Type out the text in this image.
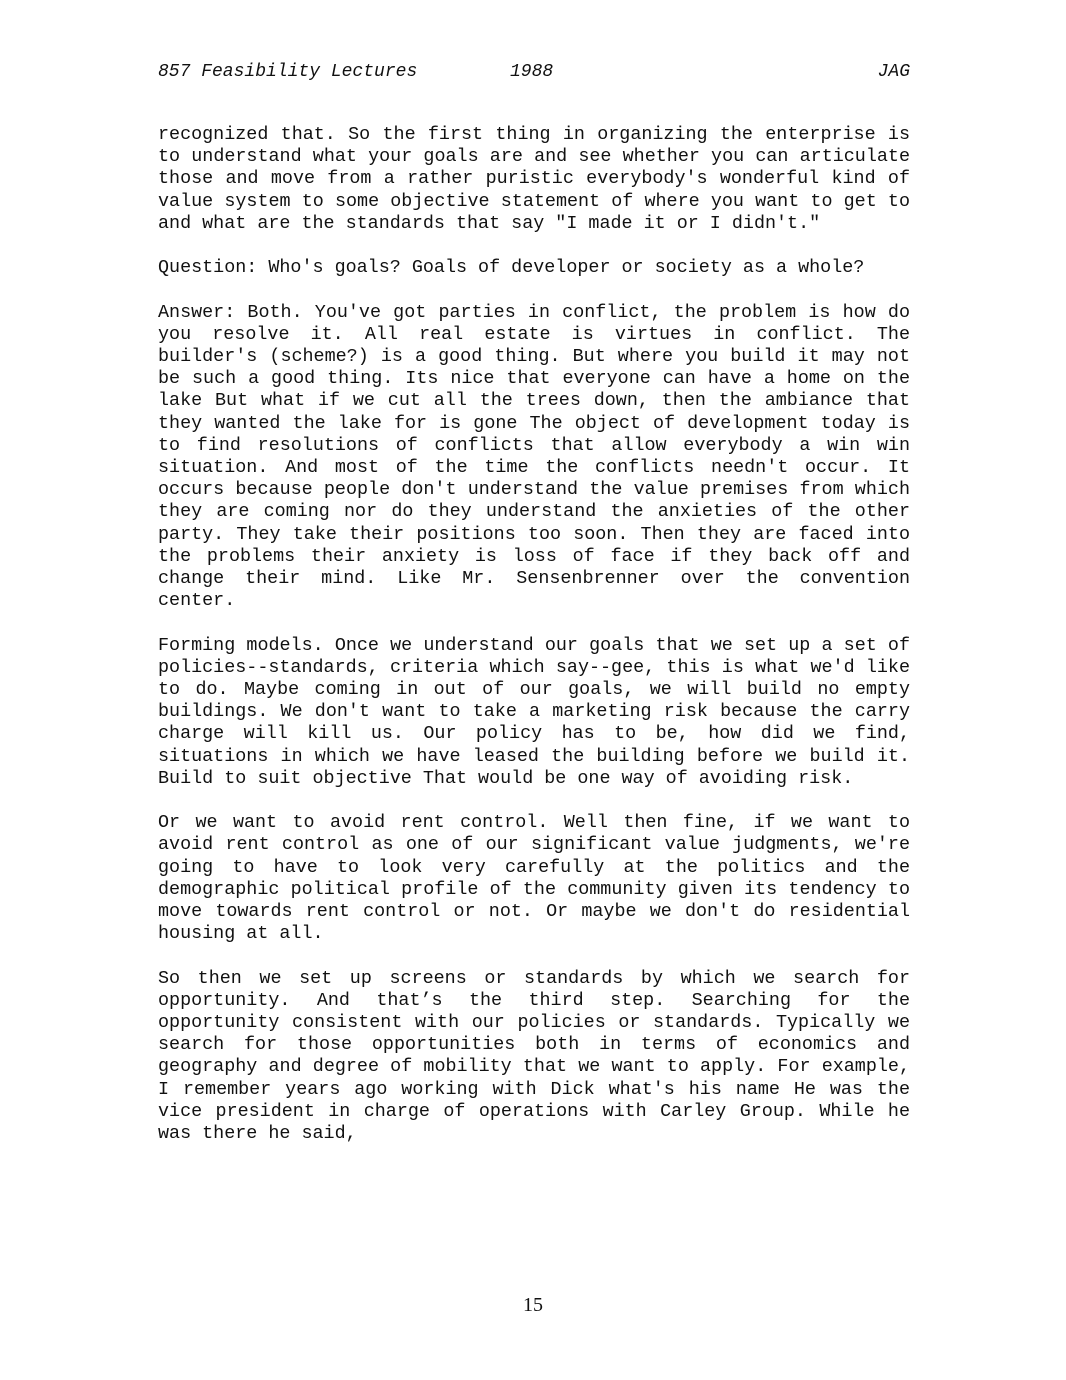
857 Feasibility Lectures	1988	JAG

recognized that. So the first thing in organizing the enterprise is to understand what your goals are and see whether you can articulate those and move from a rather puristic everybody's wonderful kind of value system to some objective statement of where you want to get to and what are the standards that say "I made it or I didn't."

Question: Who's goals? Goals of developer or society as a whole?

Answer: Both. You've got parties in conflict, the problem is how do you resolve it. All real estate is virtues in conflict. The builder's (scheme?) is a good thing. But where you build it may not be such a good thing. Its nice that everyone can have a home on the lake But what if we cut all the trees down, then the ambiance that they wanted the lake for is gone The object of development today is to find resolutions of conflicts that allow everybody a win win situation. And most of the time the conflicts needn't occur. It occurs because people don't understand the value premises from which they are coming nor do they understand the anxieties of the other party. They take their positions too soon. Then they are faced into the problems their anxiety is loss of face if they back off and change their mind. Like Mr. Sensenbrenner over the convention center.

Forming models. Once we understand our goals that we set up a set of policies--standards, criteria which say--gee, this is what we'd like to do. Maybe coming in out of our goals, we will build no empty buildings. We don't want to take a marketing risk because the carry charge will kill us. Our policy has to be, how did we find, situations in which we have leased the building before we build it. Build to suit objective That would be one way of avoiding risk.

Or we want to avoid rent control. Well then fine, if we want to avoid rent control as one of our significant value judgments, we're going to have to look very carefully at the politics and the demographic political profile of the community given its tendency to move towards rent control or not. Or maybe we don't do residential housing at all.

So then we set up screens or standards by which we search for opportunity. And that’s the third step. Searching for the opportunity consistent with our policies or standards. Typically we search for those opportunities both in terms of economics and geography and degree of mobility that we want to apply. For example, I remember years ago working with Dick what's his name He was the vice president in charge of operations with Carley Group. While he was there he said,

15
